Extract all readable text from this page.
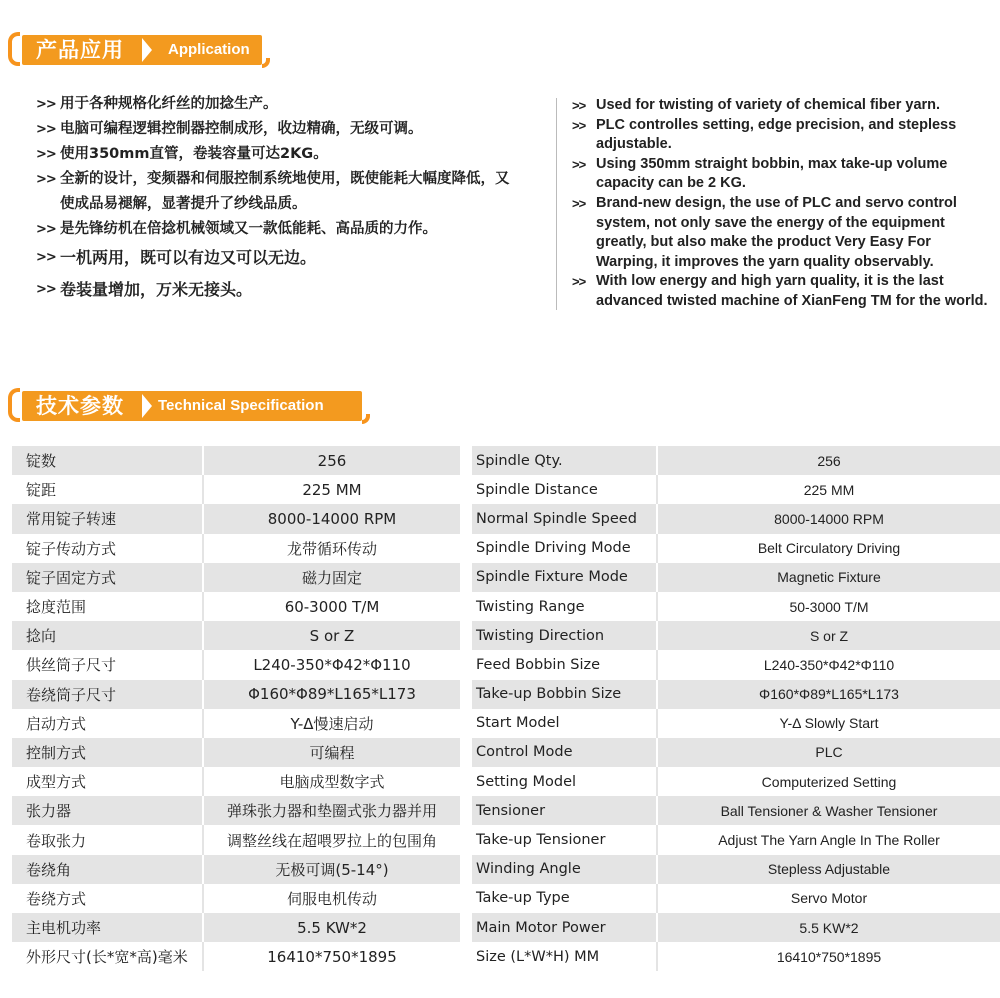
产品应用	Application
>> 用于各种规格化纤丝的加捻生产。
>> 电脑可编程逻辑控制器控制成形，收边精确，无级可调。
>> 使用350mm直管，卷装容量可达2KG。
>> 全新的设计，变频器和伺服控制系统地使用，既使能耗大幅度降低，又使成品易褪解，显著提升了纱线品质。
>> 是先锋纺机在倍捻机械领域又一款低能耗、高品质的力作。
>> 一机两用，既可以有边又可以无边。
>> 卷装量增加，万米无接头。
>> Used for twisting of variety of chemical fiber yarn.
>> PLC controlles setting, edge precision, and stepless adjustable.
>> Using 350mm straight bobbin, max take-up volume capacity can be 2 KG.
>> Brand-new design, the use of PLC and servo control system, not only save the energy of the equipment greatly, but also make the product Very Easy For Warping, it improves the yarn quality observably.
>> With low energy and high yarn quality, it is the last advanced twisted machine of XianFeng TM for the world.
技术参数 Technical Specification
锭数	256		Spindle Qty.	256
锭距	225 MM		Spindle Distance	225 MM
常用锭子转速	8000-14000 RPM		Normal Spindle Speed	8000-14000 RPM
锭子传动方式	龙带循环传动		Spindle Driving Mode	Belt Circulatory Driving
锭子固定方式	磁力固定		Spindle Fixture Mode	Magnetic Fixture
捻度范围	60-3000 T/M		Twisting Range	50-3000 T/M
捻向	S or Z		Twisting Direction	S or Z
供丝筒子尺寸	L240-350*Φ42*Φ110		Feed Bobbin Size	L240-350*Φ42*Φ110
卷绕筒子尺寸	Φ160*Φ89*L165*L173		Take-up Bobbin Size	Φ160*Φ89*L165*L173
启动方式	Y-Δ慢速启动		Start Model	Y-Δ Slowly Start
控制方式	可编程		Control Mode	PLC
成型方式	电脑成型数字式		Setting Model	Computerized Setting
张力器	弹珠张力器和垫圈式张力器并用		Tensioner	Ball Tensioner & Washer Tensioner
卷取张力	调整丝线在超喂罗拉上的包围角		Take-up Tensioner	Adjust The Yarn Angle In The Roller
卷绕角	无极可调(5-14°)		Winding Angle	Stepless Adjustable
卷绕方式	伺服电机传动		Take-up Type	Servo Motor
主电机功率	5.5 KW*2		Main Motor Power	5.5 KW*2
外形尺寸(长*宽*高)毫米	16410*750*1895		Size (L*W*H) MM	16410*750*1895
